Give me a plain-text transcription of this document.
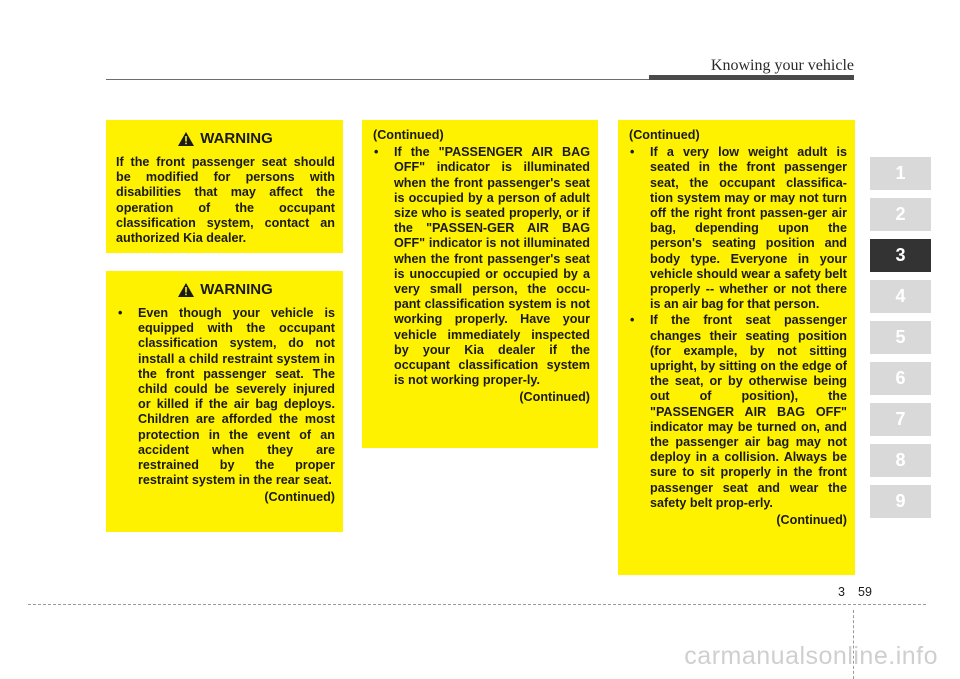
Knowing your vehicle
WARNING
If the front passenger seat should be modified for persons with disabilities that may affect the operation of the occupant classification system, contact an authorized Kia dealer.
WARNING
• Even though your vehicle is equipped with the occupant classification system, do not install a child restraint system in the front passenger seat. The child could be severely injured or killed if the air bag deploys. Children are afforded the most protection in the event of an accident when they are restrained by the proper restraint system in the rear seat.
(Continued)
(Continued)
• If the "PASSENGER AIR BAG OFF" indicator is illuminated when the front passenger's seat is occupied by a person of adult size who is seated properly, or if the "PASSEN-GER AIR BAG OFF" indicator is not illuminated when the front passenger's seat is unoccupied or occupied by a very small person, the occu-pant classification system is not working properly. Have your vehicle immediately inspected by your Kia dealer if the occupant classification system is not working proper-ly.
(Continued)
(Continued)
• If a very low weight adult is seated in the front passenger seat, the occupant classifica-tion system may or may not turn off the right front passen-ger air bag, depending upon the person's seating position and body type. Everyone in your vehicle should wear a safety belt properly -- whether or not there is an air bag for that person.
• If the front seat passenger changes their seating position (for example, by not sitting upright, by sitting on the edge of the seat, or by otherwise being out of position), the "PASSENGER AIR BAG OFF" indicator may be turned on, and the passenger air bag may not deploy in a collision. Always be sure to sit properly in the front passenger seat and wear the safety belt prop-erly.
(Continued)
1
2
3
4
5
6
7
8
9
3 59
carmanualsonline.info
